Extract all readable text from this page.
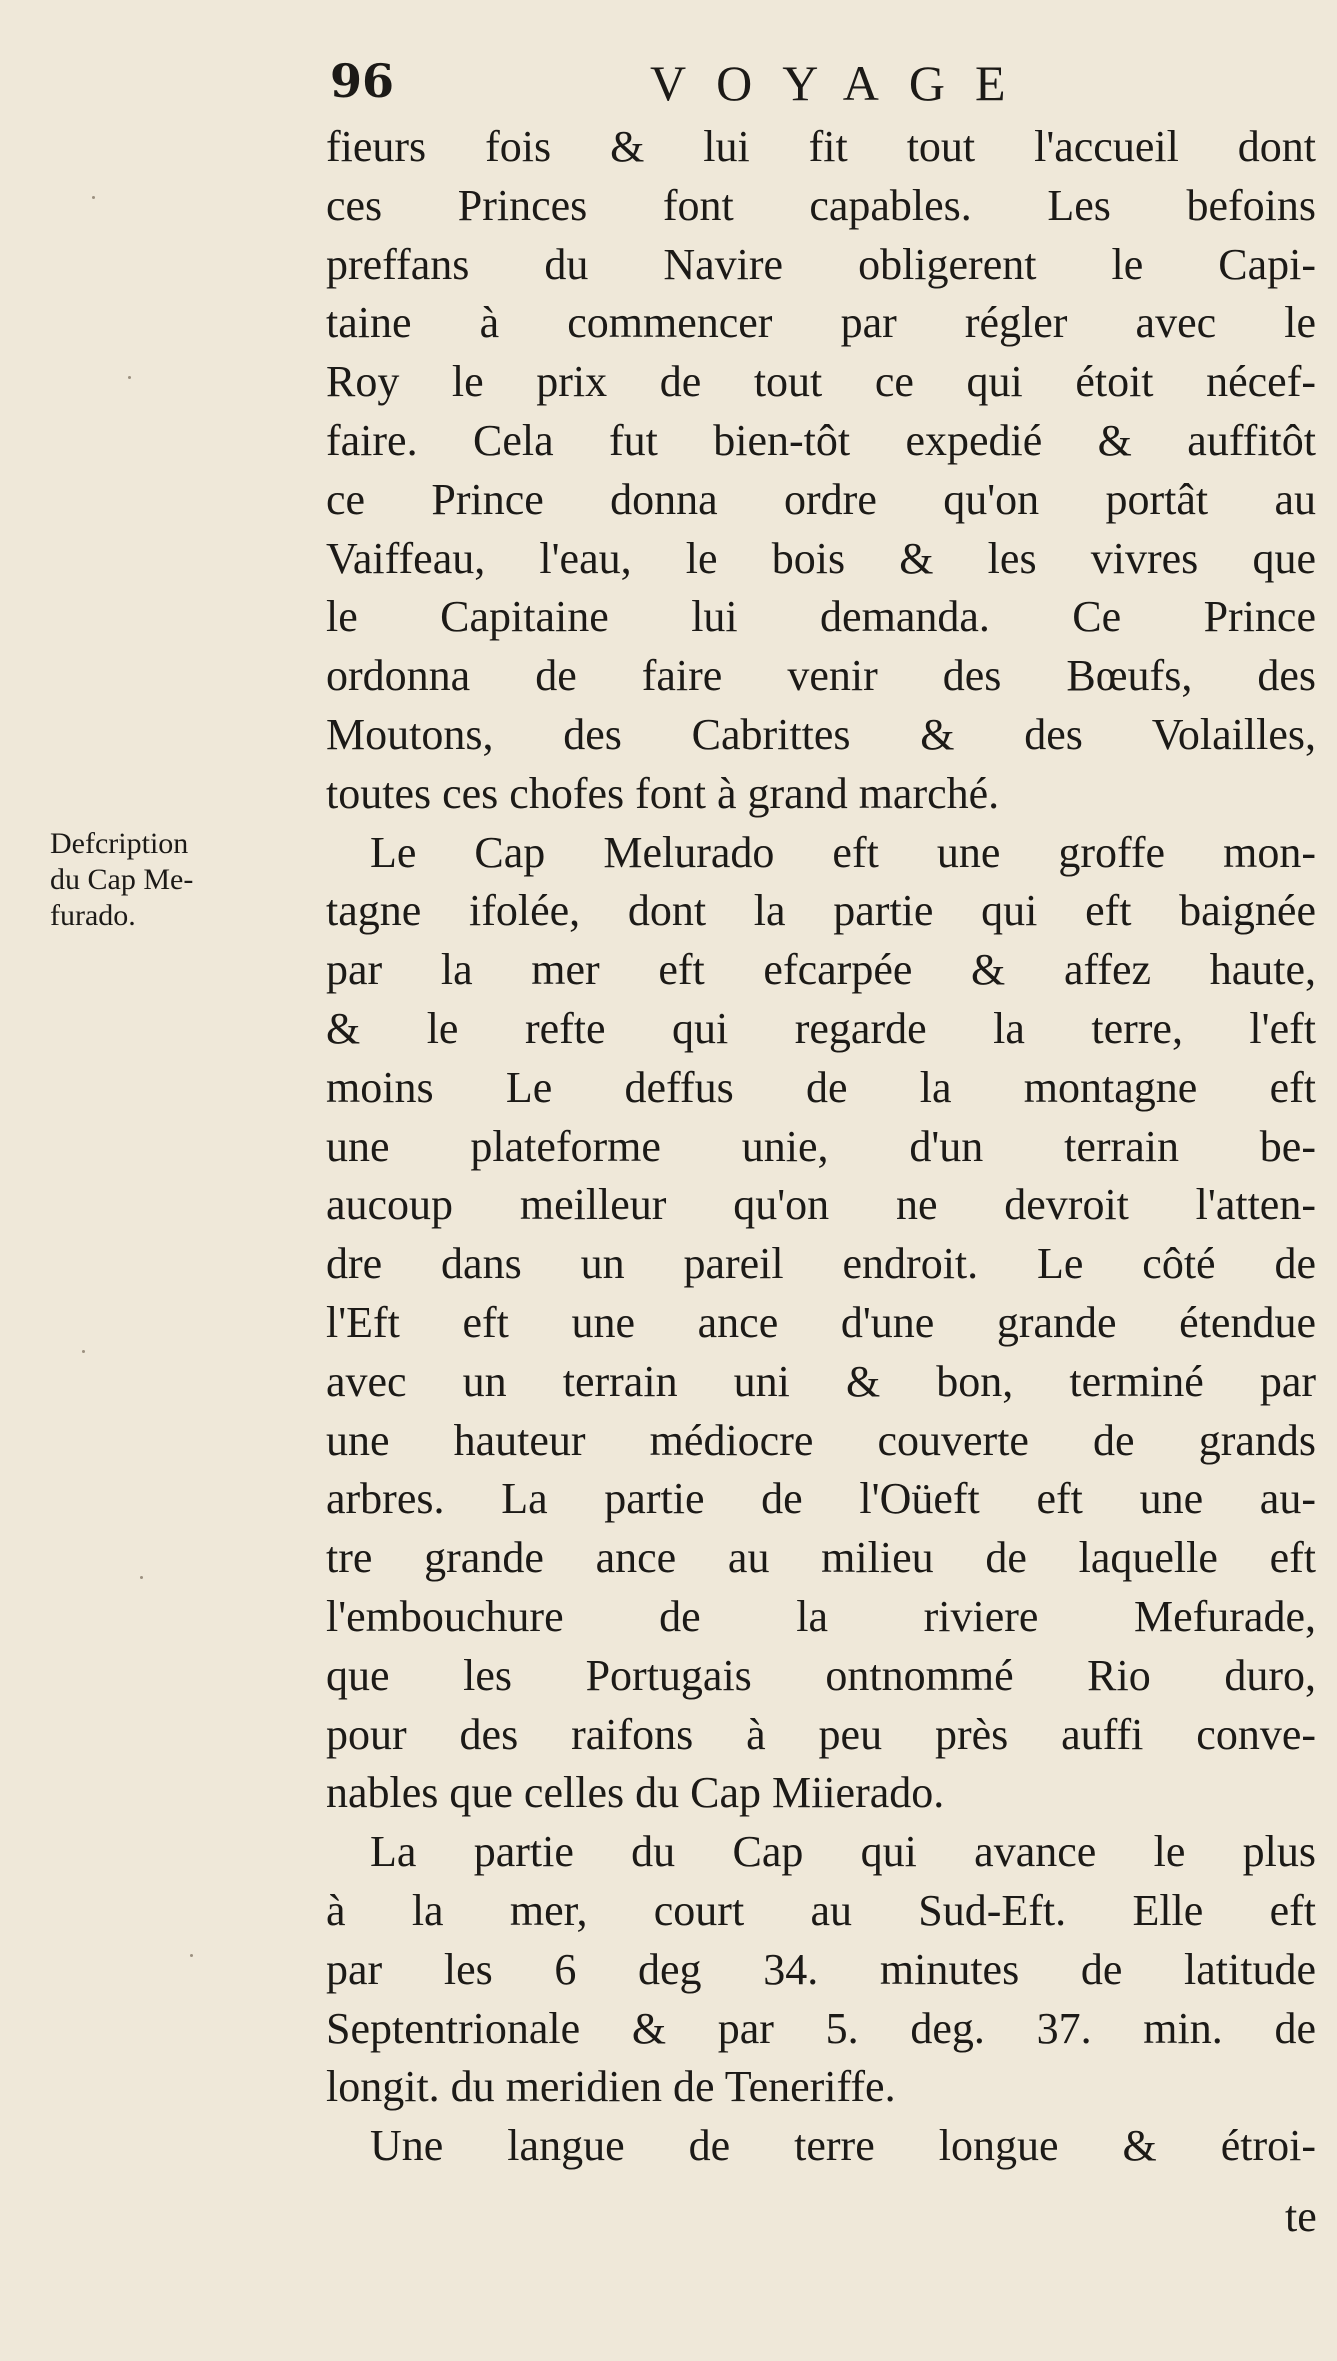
96	VOYAGE
Defcription
du Cap Me-
furado.
fieurs fois & lui fit tout l'accueil dont
ces Princes font capables. Les befoins
preffans du Navire obligerent le Capi-
taine à commencer par régler avec le
Roy le prix de tout ce qui étoit nécef-
faire. Cela fut bien-tôt expedié & auffitôt
ce Prince donna ordre qu'on portât au
Vaiffeau, l'eau, le bois & les vivres que
le Capitaine lui demanda. Ce Prince
ordonna de faire venir des Bœufs, des
Moutons, des Cabrittes & des Volailles,
toutes ces chofes font à grand marché.
Le Cap Melurado eft une groffe mon-
tagne ifolée, dont la partie qui eft baignée
par la mer eft efcarpée & affez haute,
& le refte qui regarde la terre, l'eft
moins Le deffus de la montagne eft
une plateforme unie, d'un terrain be-
aucoup meilleur qu'on ne devroit l'atten-
dre dans un pareil endroit. Le côté de
l'Eft eft une ance d'une grande étendue
avec un terrain uni & bon, terminé par
une hauteur médiocre couverte de grands
arbres. La partie de l'Oüeft eft une au-
tre grande ance au milieu de laquelle eft
l'embouchure de la riviere Mefurade,
que les Portugais ontnommé Rio duro,
pour des raifons à peu près auffi conve-
nables que celles du Cap Miierado.
La partie du Cap qui avance le plus
à la mer, court au Sud-Eft. Elle eft
par les 6 deg 34. minutes de latitude
Septentrionale & par 5. deg. 37. min. de
longit. du meridien de Teneriffe.
Une langue de terre longue & étroi-
te
